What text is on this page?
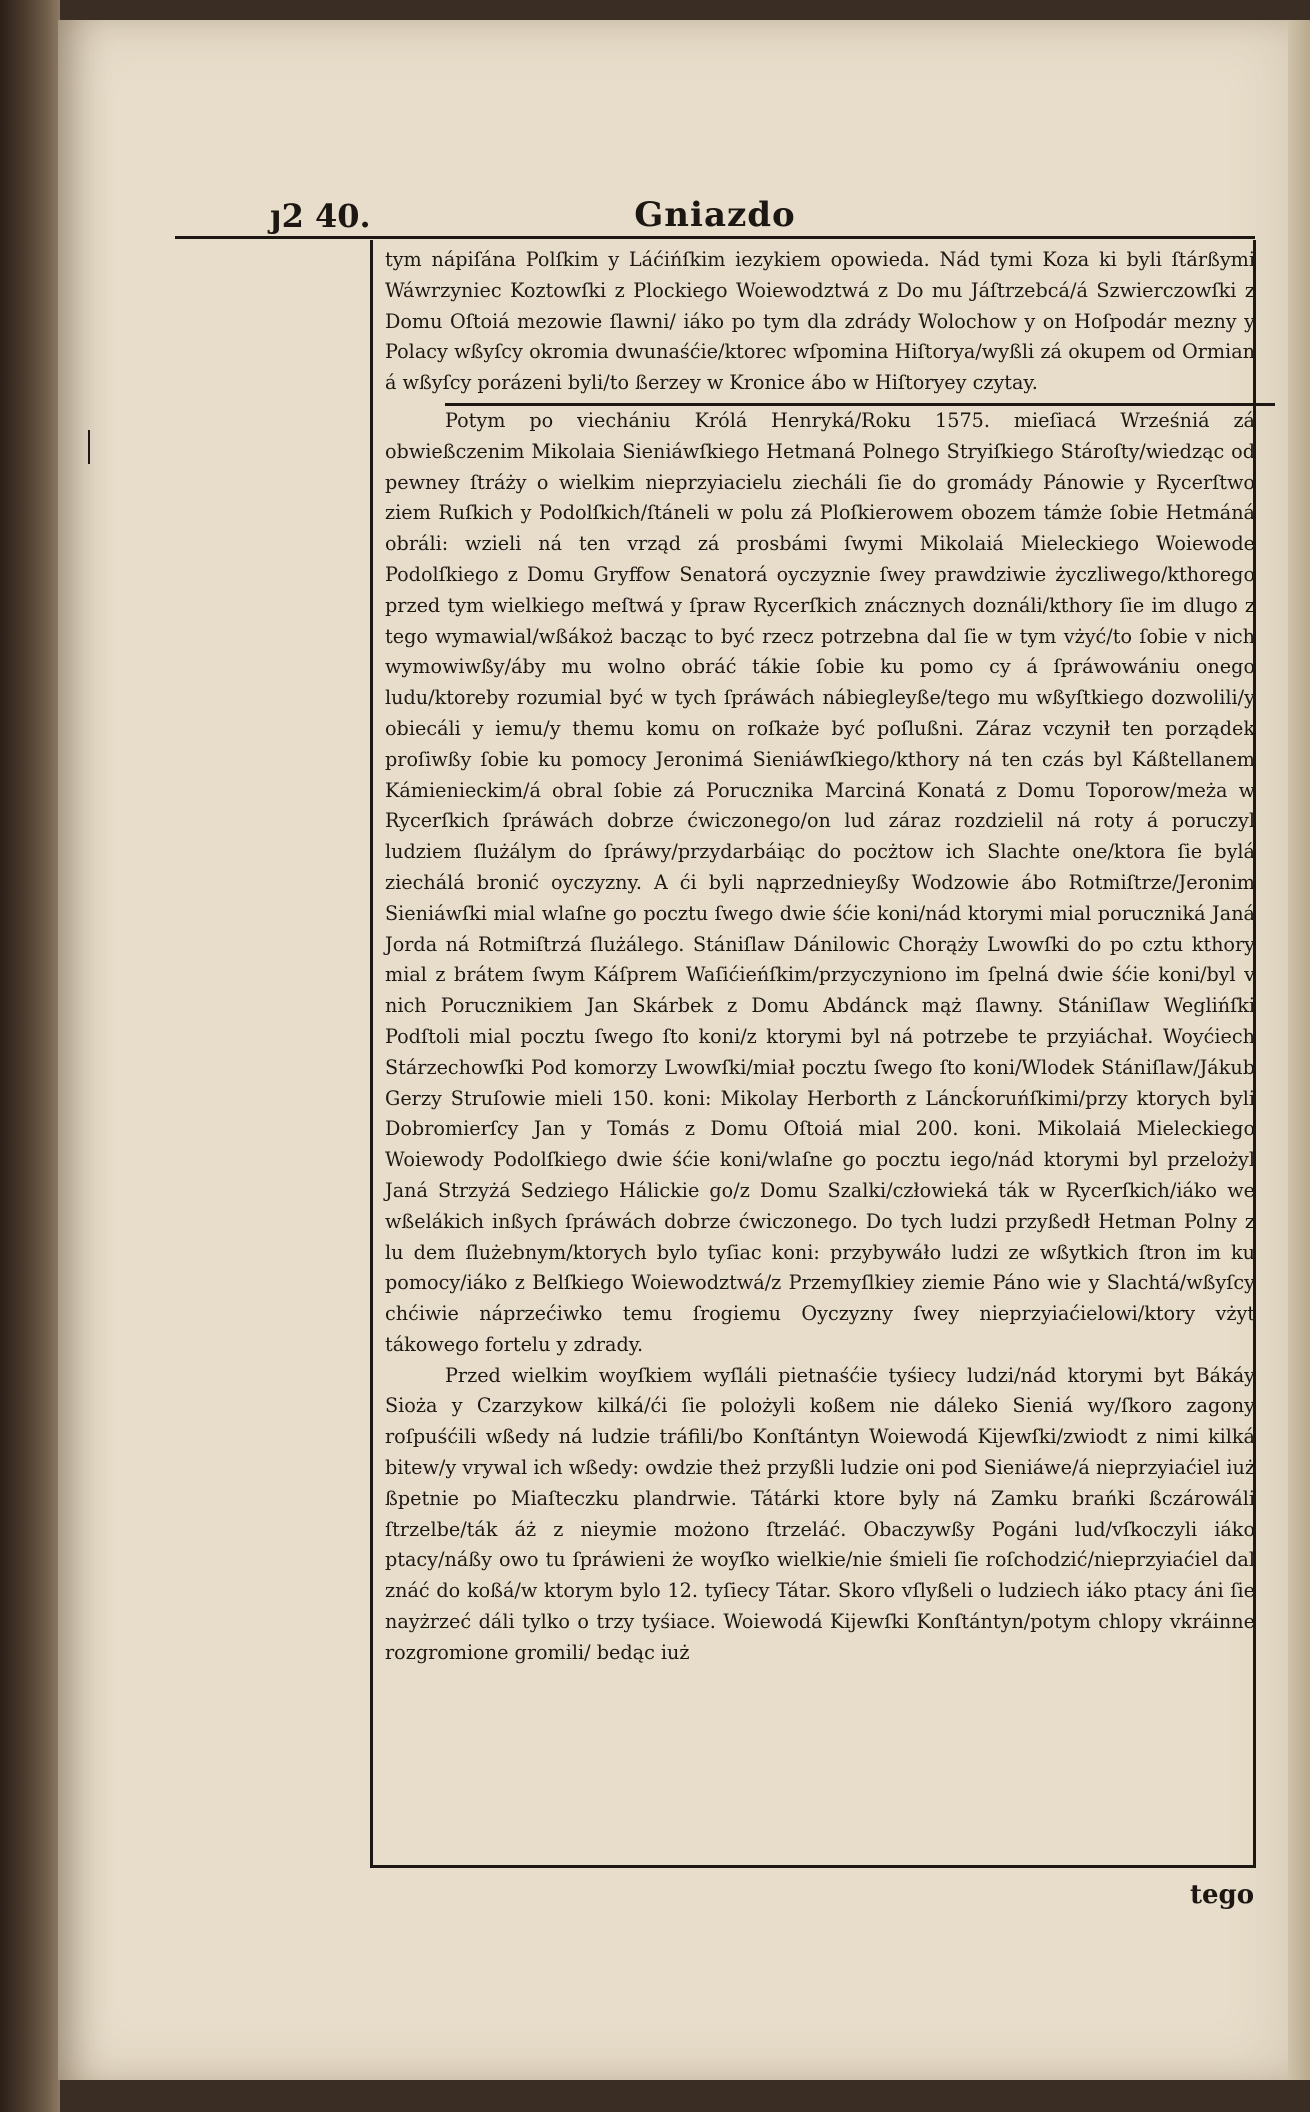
ȷ2 40.	Gniazdo

tym nápiſána Polſkim y Láćińſkim iezykiem opowieda. Nád tymi Koza ki byli ſtárßymi Wáwrzyniec Koztowſki z Plockiego Woiewodztwá z Do mu Jáſtrzebcá/á Szwierczowſki z Domu Oſtoiá mezowie ſlawni/ iáko po tym dla zdrády Wolochow y on Hoſpodár mezny y Polacy wßyſcy okromia dwunaśćie/ktorec wſpomina Hiſtorya/wyßli zá okupem od Ormian á wßyſcy porázeni byli/to ßerzey w Kronice ábo w Hiſtoryey czytay.

Potym po viechániu Królá Henryká/Roku 1575. mieſiacá Wrześniá zá obwießczenim Mikolaia Sieniáwſkiego Hetmaná Polnego Stryiſkiego Stároſty/wiedząc od pewney ſtráży o wielkim nieprzyiacielu ziecháli ſie do gromády Pánowie y Rycerſtwo ziem Ruſkich y Podolſkich/ſtáneli w polu zá Ploſkierowem obozem támże ſobie Hetmáná obráli: wzieli ná ten vrząd zá prosbámi ſwymi Mikolaiá Mieleckiego Woiewode Podolſkiego z Domu Gryffow Senatorá oyczyznie ſwey prawdziwie życzliwego/kthorego przed tym wielkiego meſtwá y ſpraw Rycerſkich znácznych doználi/kthory ſie im dlugo z tego wymawial/wßákoż bacząc to być rzecz potrzebna dal ſie w tym vżyć/to ſobie v nich wymowiwßy/áby mu wolno obráć tákie ſobie ku pomo cy á ſpráwowániu onego ludu/ktoreby rozumial być w tych ſpráwách nábiegleyße/tego mu wßyſtkiego dozwolili/y obiecáli y iemu/y themu komu on roſkaże być poſlußni. Záraz vczynił ten porządek proſiwßy ſobie ku pomocy Jeronimá Sieniáwſkiego/kthory ná ten czás byl Káßtellanem Kámienieckim/á obral ſobie zá Porucznika Marciná Konatá z Domu Toporow/meża w Rycerſkich ſpráwách dobrze ćwiczonego/on lud záraz rozdzielil ná roty á poruczyl ludziem ſlużálym do ſpráwy/przydarbáiąc do pocżtow ich Slachte one/ktora ſie bylá ziechálá bronić oyczyzny. A ći byli nąprzednieyßy Wodzowie ábo Rotmiſtrze/Jeronim Sieniáwſki mial wlaſne go pocztu ſwego dwie śćie koni/nád ktorymi mial poruczniká Janá Jorda ná Rotmiſtrzá ſlużálego. Stániſlaw Dánilowic Chorąży Lwowſki do po cztu kthory mial z brátem ſwym Káſprem Waſićieńſkim/przyczyniono im ſpelná dwie śćie koni/byl v nich Porucznikiem Jan Skárbek z Domu Abdánck mąż ſlawny. Stániſlaw Weglińſki Podſtoli mial pocztu ſwego ſto koni/z ktorymi byl ná potrzebe te przyiáchał. Woyćiech Stárzechowſki Pod komorzy Lwowſki/miał pocztu ſwego ſto koni/Wlodek Stániſlaw/Jákub Gerzy Struſowie mieli 150. koni: Mikolay Herborth z Láncḱoruńſkimi/przy ktorych byli Dobromierſcy Jan y Tomás z Domu Oſtoiá mial 200. koni. Mikolaiá Mieleckiego Woiewody Podolſkiego dwie śćie koni/wlaſne go pocztu iego/nád ktorymi byl przelożyl Janá Strzyżá Sedziego Hálickie go/z Domu Szalki/człowieká ták w Rycerſkich/iáko we wßelákich inßych ſpráwách dobrze ćwiczonego. Do tych ludzi przyßedł Hetman Polny z lu dem ſlużebnym/ktorych bylo tyſiac koni: przybywáło ludzi ze wßytkich ſtron im ku pomocy/iáko z Belſkiego Woiewodztwá/z Przemyſlkiey ziemie Páno wie y Slachtá/wßyſcy chćiwie náprzećiwko temu ſrogiemu Oyczyzny ſwey nieprzyiaćielowi/ktory vżyt tákowego fortelu y zdrady.

Przed wielkim woyſkiem wyſláli pietnaśćie tyśiecy ludzi/nád ktorymi byt Bákáy Sioża y Czarzykow kilká/ći ſie polożyli koßem nie dáleko Sieniá wy/ſkoro zagony roſpuśćili wßedy ná ludzie tráfili/bo Konſtántyn Woiewodá Kijewſki/zwiodt z nimi kilká bitew/y vrywal ich wßedy: owdzie theż przyßli ludzie oni pod Sieniáwe/á nieprzyiaćiel iuż ßpetnie po Miaſteczku plandrwie. Tátárki ktore byly ná Zamku brańki ßczárowáli ſtrzelbe/ták áż z nieymie możono ſtrzeláć. Obaczywßy Pogáni lud/vſkoczyli iáko ptacy/náßy owo tu ſpráwieni że woyſko wielkie/nie śmieli ſie roſchodzić/nieprzyiaćiel dal znáć do koßá/w ktorym bylo 12. tyſiecy Tátar. Skoro vſlyßeli o ludziech iáko ptacy áni ſie nayżrzeć dáli tylko o trzy tyśiace. Woiewodá Kijewſki Konſtántyn/potym chlopy vkráinne rozgromione gromili/ bedąc iuż

tego
